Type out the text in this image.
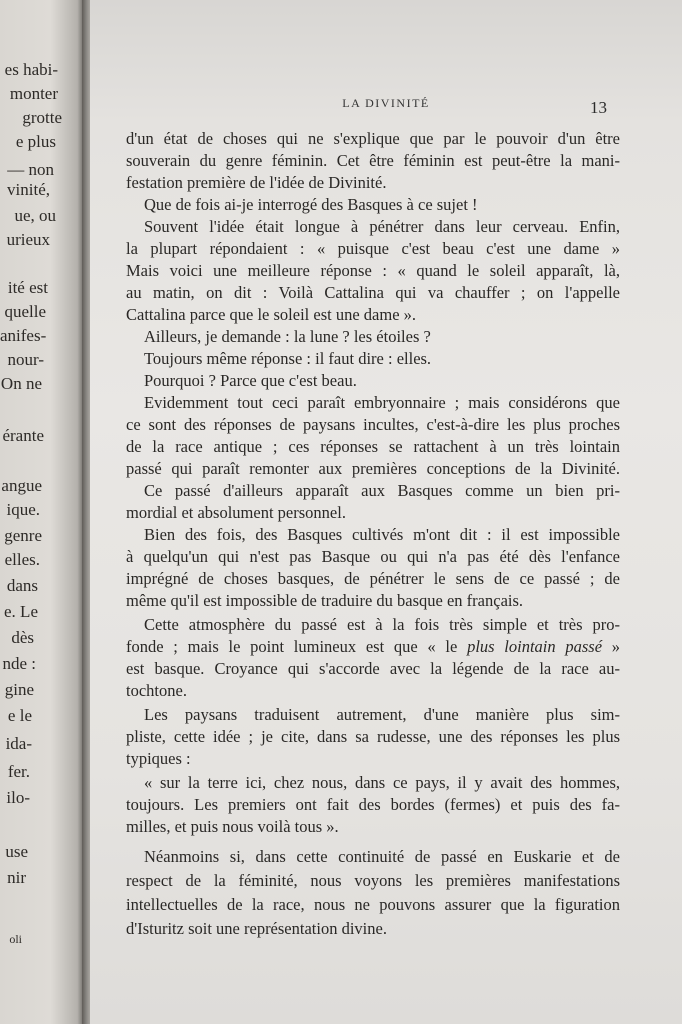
es habi-
monter
grotte
e plus
— non
vinité,
ue, ou
urieux
ité est
quelle
anifes-
nour-
On ne
érante
angue
ique.
genre
elles.
dans
e. Le
dès
nde :
gine
e le
ida-
fer.
ilo-
use
nir
oli
LA DIVINITÉ	13
d'un état de choses qui ne s'explique que par le pouvoir d'un être
souverain du genre féminin. Cet être féminin est peut-être la mani-
festation première de l'idée de Divinité.
Que de fois ai-je interrogé des Basques à ce sujet !
Souvent l'idée était longue à pénétrer dans leur cerveau. Enfin,
la plupart répondaient : « puisque c'est beau c'est une dame »
Mais voici une meilleure réponse : « quand le soleil apparaît, là,
au matin, on dit : Voilà Cattalina qui va chauffer ; on l'appelle
Cattalina parce que le soleil est une dame ».
Ailleurs, je demande : la lune ? les étoiles ?
Toujours même réponse : il faut dire : elles.
Pourquoi ? Parce que c'est beau.
Evidemment tout ceci paraît embryonnaire ; mais considérons que
ce sont des réponses de paysans incultes, c'est-à-dire les plus proches
de la race antique ; ces réponses se rattachent à un très lointain
passé qui paraît remonter aux premières conceptions de la Divinité.
Ce passé d'ailleurs apparaît aux Basques comme un bien pri-
mordial et absolument personnel.
Bien des fois, des Basques cultivés m'ont dit : il est impossible
à quelqu'un qui n'est pas Basque ou qui n'a pas été dès l'enfance
imprégné de choses basques, de pénétrer le sens de ce passé ; de
même qu'il est impossible de traduire du basque en français.
Cette atmosphère du passé est à la fois très simple et très pro-
fonde ; mais le point lumineux est que « le plus lointain passé »
est basque. Croyance qui s'accorde avec la légende de la race au-
tochtone.
Les paysans traduisent autrement, d'une manière plus sim-
pliste, cette idée ; je cite, dans sa rudesse, une des réponses les plus
typiques :
« sur la terre ici, chez nous, dans ce pays, il y avait des hommes,
toujours. Les premiers ont fait des bordes (fermes) et puis des fa-
milles, et puis nous voilà tous ».
Néanmoins si, dans cette continuité de passé en Euskarie et de
respect de la féminité, nous voyons les premières manifestations
intellectuelles de la race, nous ne pouvons assurer que la figuration
d'Isturitz soit une représentation divine.
